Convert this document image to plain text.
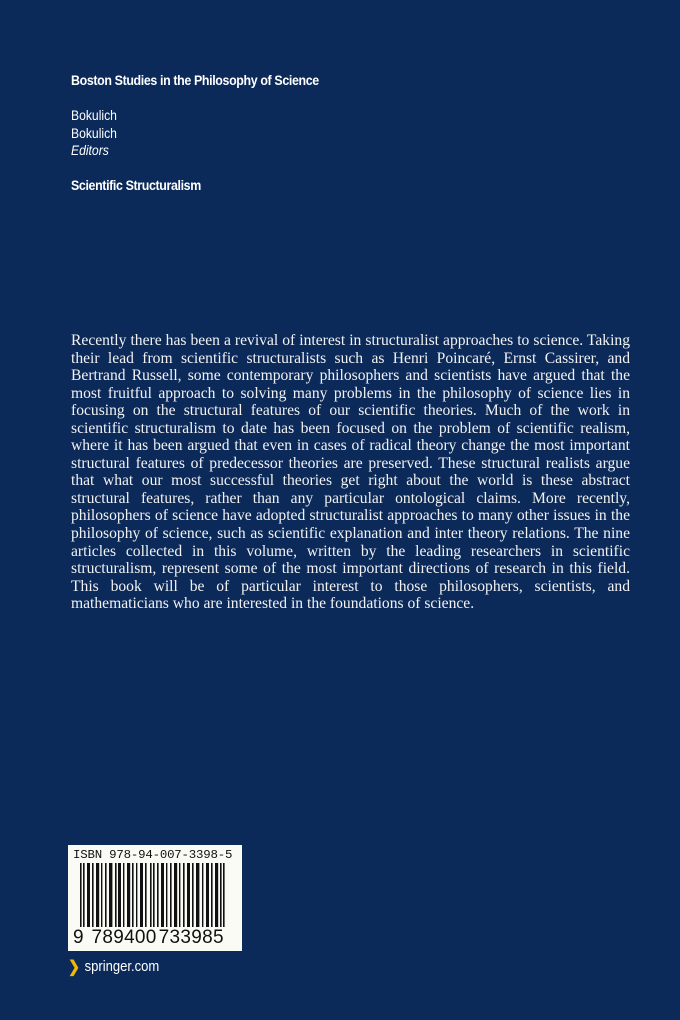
Boston Studies in the Philosophy of Science
Bokulich
Bokulich
Editors
Scientific Structuralism
Recently there has been a revival of interest in structuralist approaches to science. Taking their lead from scientific structuralists such as Henri Poincaré, Ernst Cassirer, and Bertrand Russell, some contemporary philosophers and scientists have argued that the most fruitful approach to solving many problems in the philosophy of science lies in focusing on the structural features of our scientific theories. Much of the work in scientific structuralism to date has been focused on the problem of scientific realism, where it has been argued that even in cases of radical theory change the most important structural features of predecessor theories are preserved. These structural realists argue that what our most successful theories get right about the world is these abstract structural features, rather than any particular ontological claims. More recently, philosophers of science have adopted structuralist approaches to many other issues in the philosophy of science, such as scientific explanation and inter theory relations. The nine articles collected in this volume, written by the leading researchers in scientific structuralism, represent some of the most important directions of research in this field. This book will be of particular interest to those philosophers, scientists, and mathematicians who are interested in the foundations of science.
ISBN 978-94-007-3398-5
9 789400 733985
❯ springer.com
